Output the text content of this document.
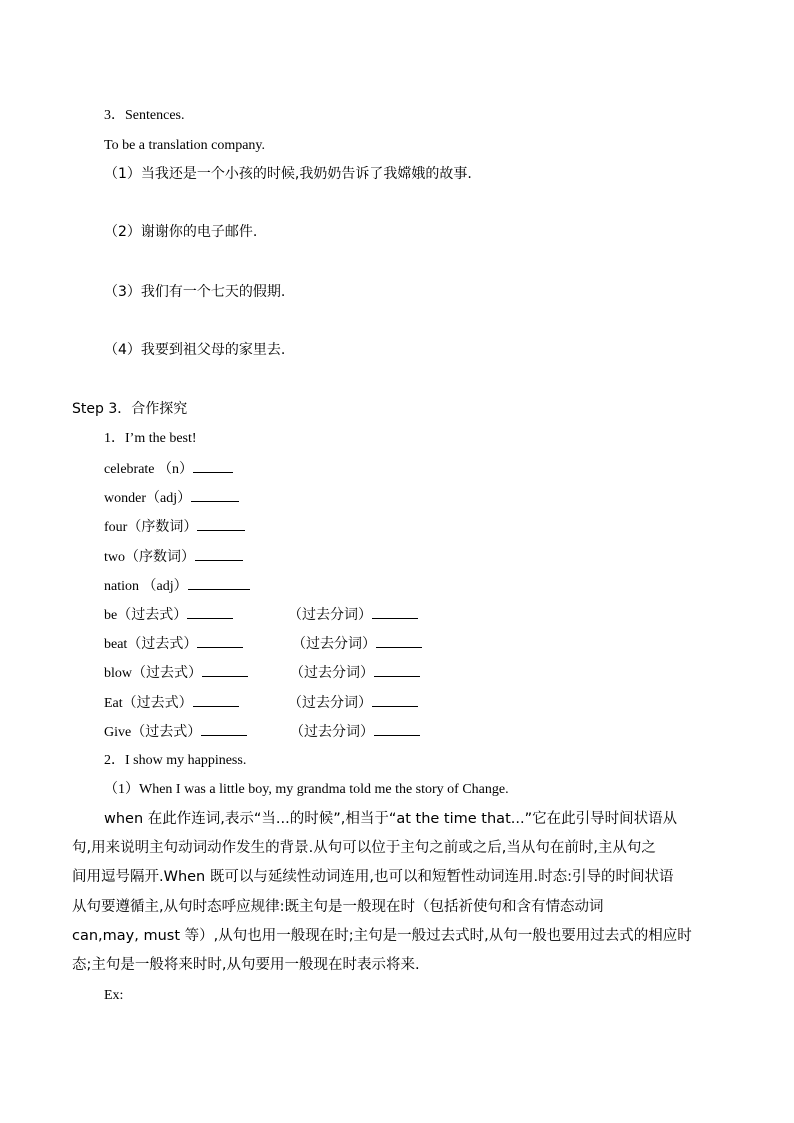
3．Sentences.
To be a translation company.
（1）当我还是一个小孩的时候,我奶奶告诉了我嫦娥的故事.
（2）谢谢你的电子邮件.
（3）我们有一个七天的假期.
（4）我要到祖父母的家里去.
Step 3．合作探究
1．I’m the best!
celebrate （n）
wonder（adj）
four（序数词）
two（序数词）
nation （adj）
be（过去式）	（过去分词）
beat（过去式）	（过去分词）
blow（过去式）	（过去分词）
Eat（过去式）	（过去分词）
Give（过去式）	（过去分词）
2．I show my happiness.
（1）When I was a little boy, my grandma told me the story of Change.
when 在此作连词,表示“当...的时候”,相当于“at the time that...”它在此引导时间状语从
句,用来说明主句动词动作发生的背景.从句可以位于主句之前或之后,当从句在前时,主从句之
间用逗号隔开.When 既可以与延续性动词连用,也可以和短暂性动词连用.时态:引导的时间状语
从句要遵循主,从句时态呼应规律:既主句是一般现在时（包括祈使句和含有情态动词
can,may, must 等）,从句也用一般现在时;主句是一般过去式时,从句一般也要用过去式的相应时
态;主句是一般将来时时,从句要用一般现在时表示将来.
Ex:
